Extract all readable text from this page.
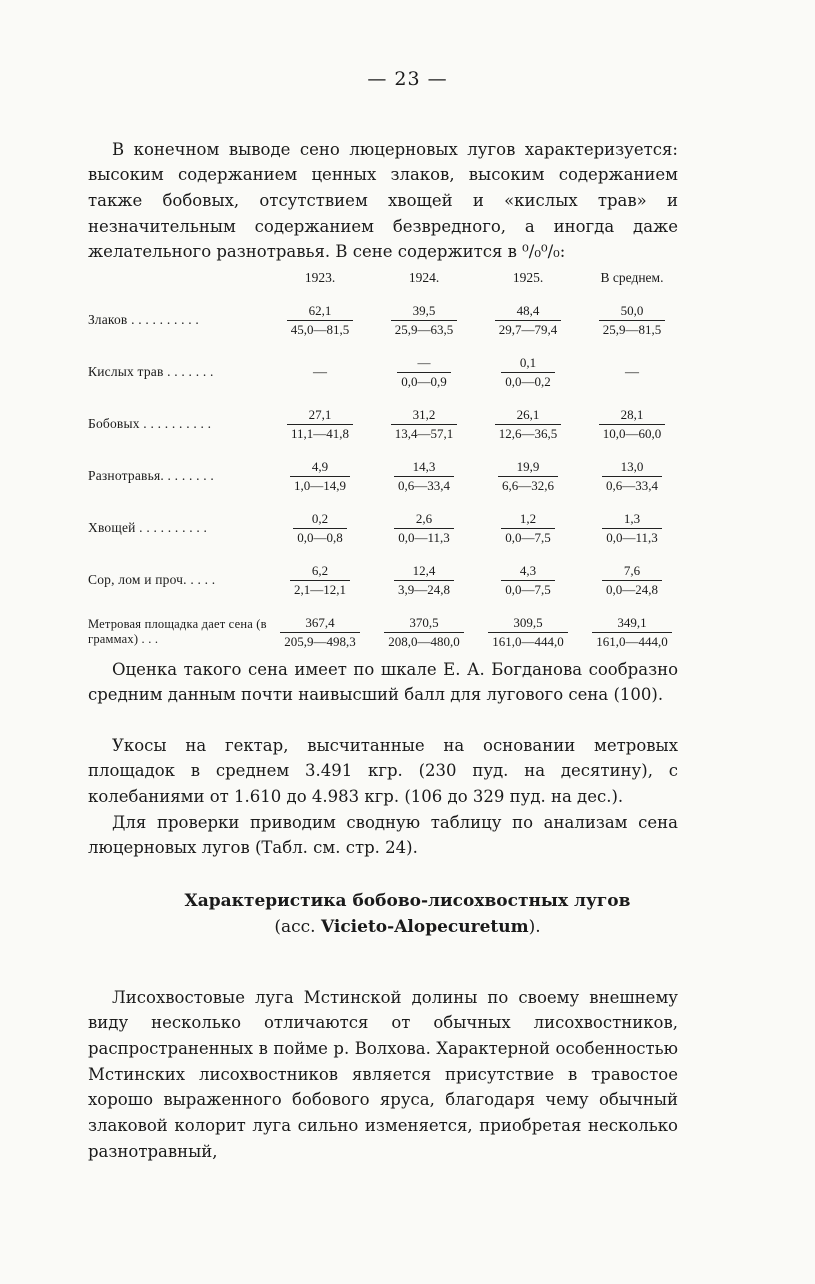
— 23 —

В конечном выводе сено люцерновых лугов характеризуется: высоким содержанием ценных злаков, высоким содержанием также бобовых, отсутствием хвощей и «кислых трав» и незначительным содержанием безвредного, а иногда даже желательного разнотравья. В сене содержится в ⁰/₀⁰/₀:

	1923.	1924.	1925.	В среднем.
Злаков . . . . . . . . . .	$\frac{62,1}{45,0—81,5}$	$\frac{39,5}{25,9—63,5}$	$\frac{48,4}{29,7—79,4}$	$\frac{50,0}{25,9—81,5}$

Кислых трав . . . . . . .	—	$\frac{—}{0,0—0,9}$	$\frac{0,1}{0,0—0,2}$	—
Бобовых . . . . . . . . . .	$\frac{27,1}{11,1—41,8}$	$\frac{31,2}{13,4—57,1}$	$\frac{26,1}{12,6—36,5}$	$\frac{28,1}{10,0—60,0}$

Разнотравья. . . . . . . .	$\frac{4,9}{1,0—14,9}$	$\frac{14,3}{0,6—33,4}$	$\frac{19,9}{6,6—32,6}$	$\frac{13,0}{0,6—33,4}$

Хвощей . . . . . . . . . .	$\frac{0,2}{0,0—0,8}$	$\frac{2,6}{0,0—11,3}$	$\frac{1,2}{0,0—7,5}$	$\frac{1,3}{0,0—11,3}$

Сор, лом и проч. . . . .	$\frac{6,2}{2,1—12,1}$	$\frac{12,4}{3,9—24,8}$	$\frac{4,3}{0,0—7,5}$	$\frac{7,6}{0,0—24,8}$

Метровая площадка дает сена (в граммах) . . .	$\frac{367,4}{205,9—498,3}$	$\frac{370,5}{208,0—480,0}$	$\frac{309,5}{161,0—444,0}$	$\frac{349,1}{161,0—444,0}$

Оценка такого сена имеет по шкале Е. А. Богданова сообразно средним данным почти наивысший балл для лугового сена (100).

Укосы на гектар, высчитанные на основании метровых площадок в среднем 3.491 кгр. (230 пуд. на десятину), с колебаниями от 1.610 до 4.983 кгр. (106 до 329 пуд. на дес.).

Для проверки приводим сводную таблицу по анализам сена люцерновых лугов (Табл. см. стр. 24).

Характеристика бобово-лисохвостных лугов
(асс. Vicieto-Alopecuretum).

Лисохвостовые луга Мстинской долины по своему внешнему виду несколько отличаются от обычных лисохвостников, распространенных в пойме р. Волхова. Характерной особенностью Мстинских лисохвостников является присутствие в травостое хорошо выраженного бобового яруса, благодаря чему обычный злаковой колорит луга сильно изменяется, приобретая несколько разнотравный,
